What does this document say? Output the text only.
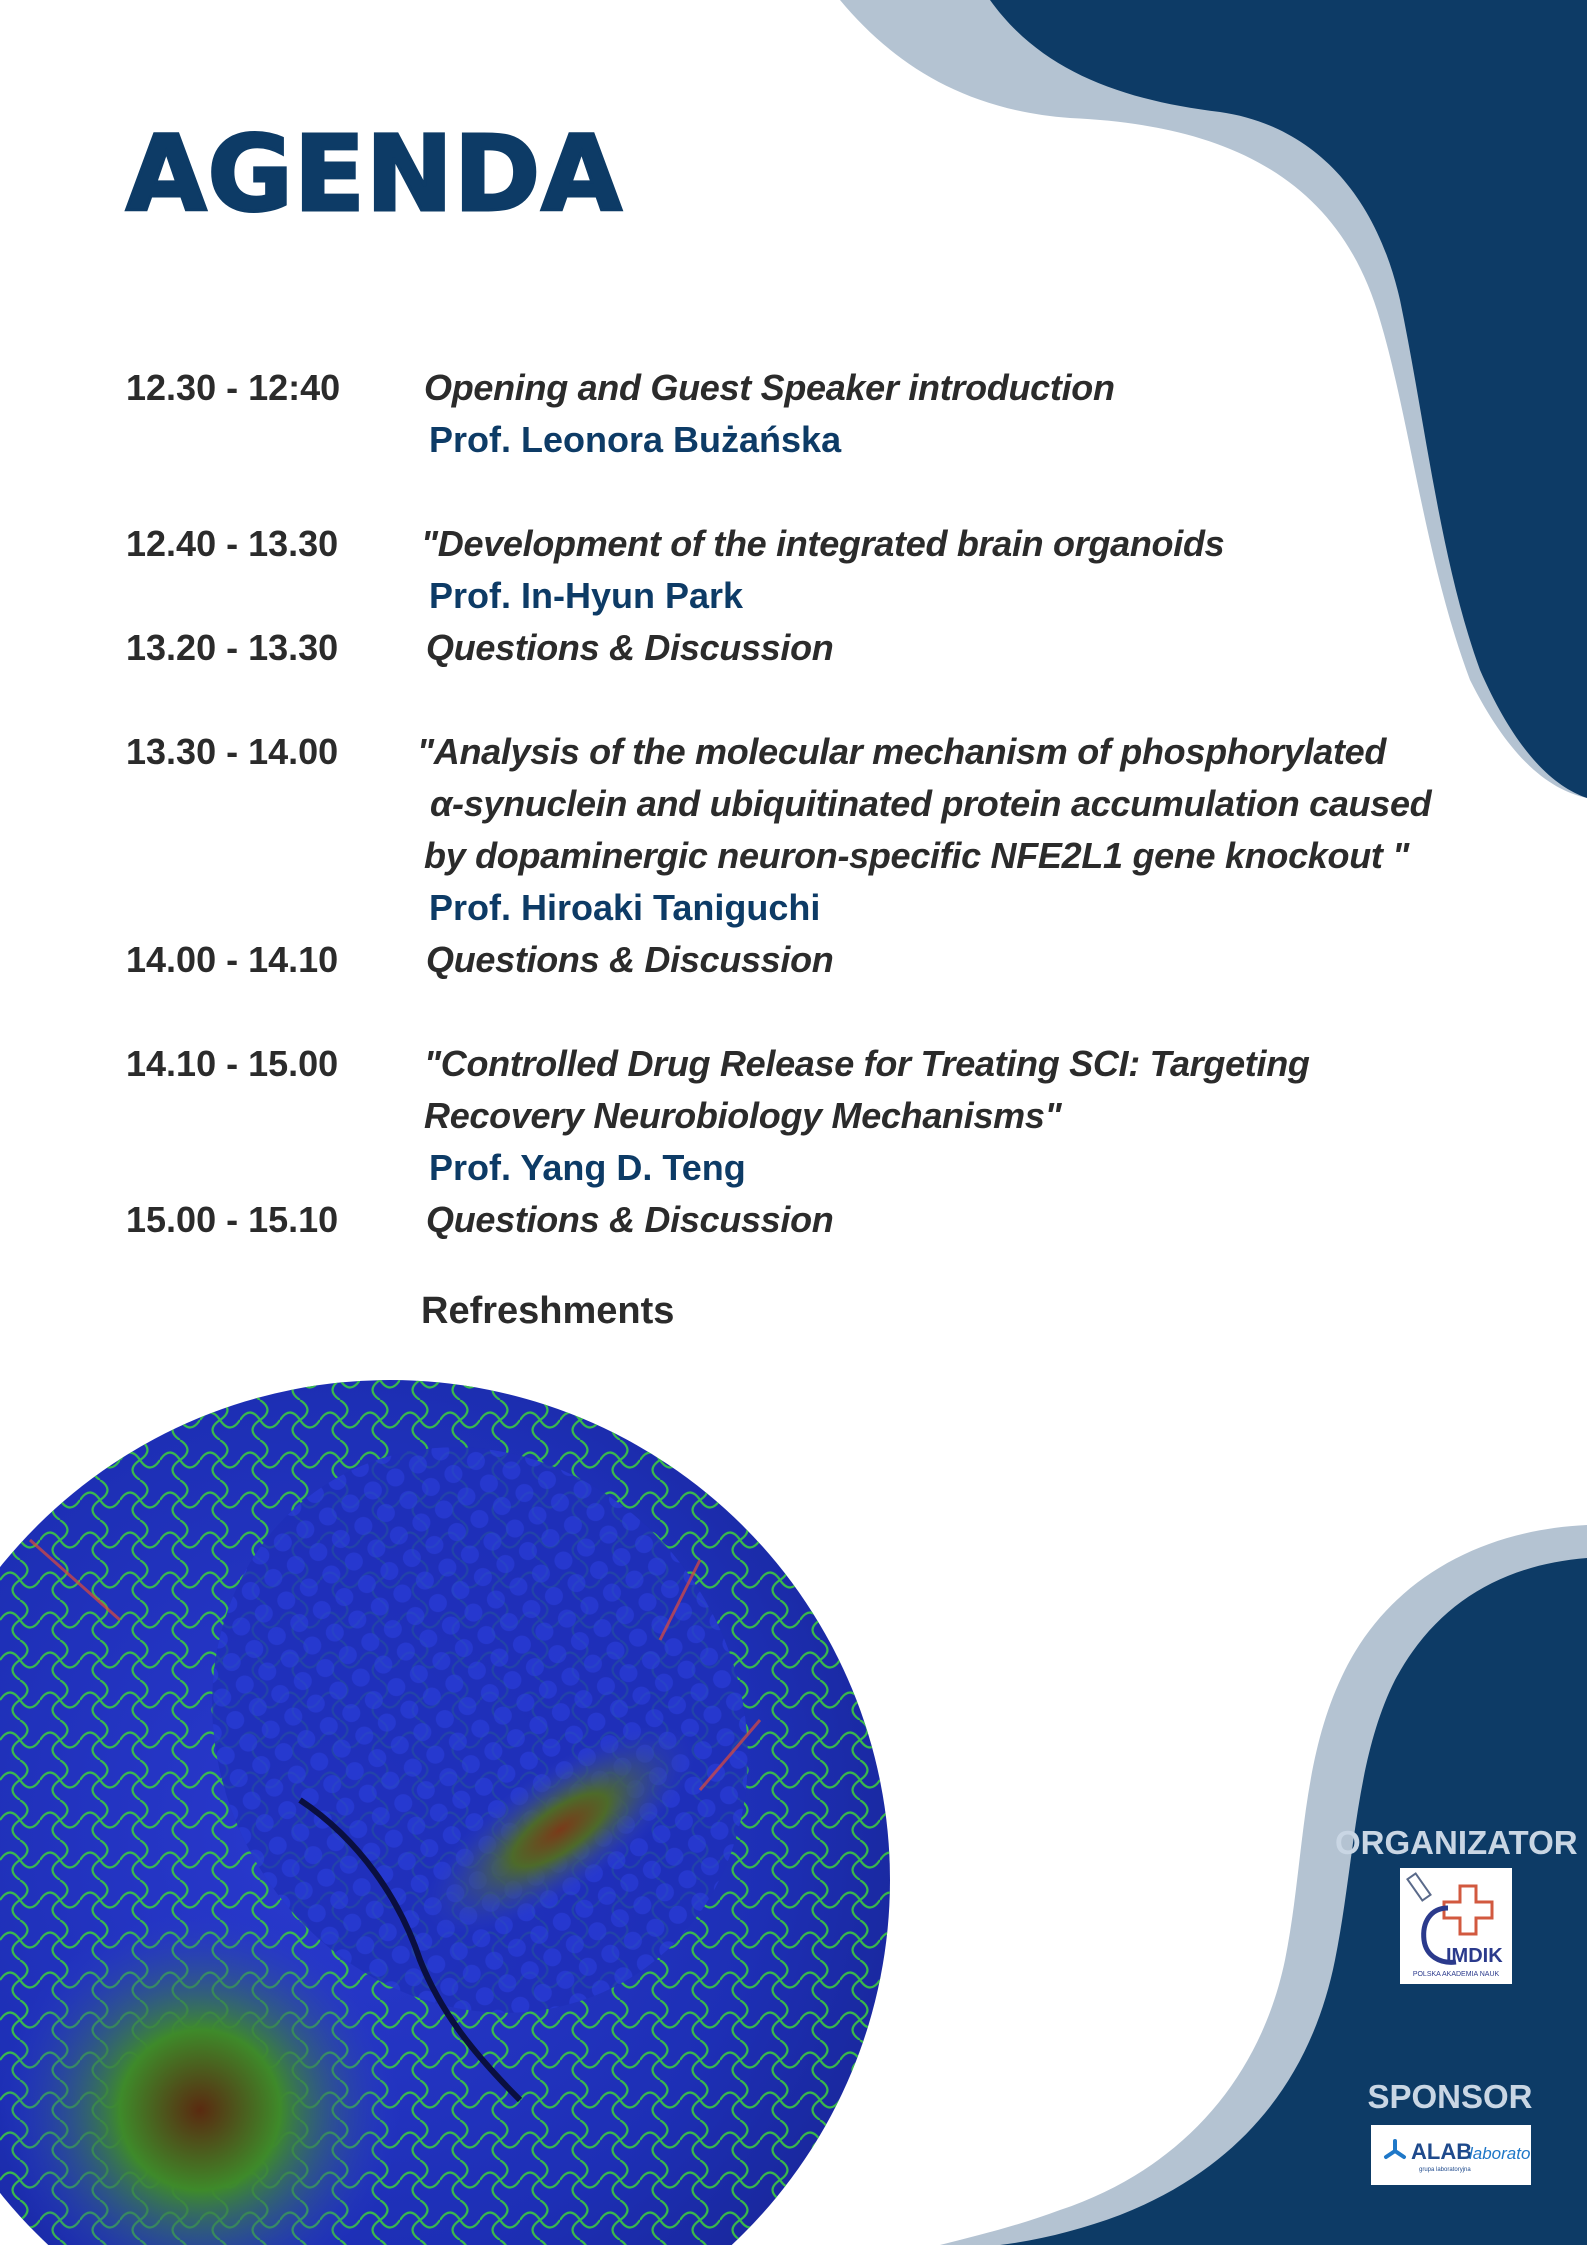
AGENDA

12.30 - 12:40 Opening and Guest Speaker introduction

Prof. Leonora Bużańska

12.40 - 13.30 "Development of the integrated brain organoids

Prof. In-Hyun Park

13.20 - 13.30 Questions & Discussion

13.30 - 14.00 "Analysis of the molecular mechanism of phosphorylated

α-synuclein and ubiquitinated protein accumulation caused

by dopaminergic neuron-specific NFE2L1 gene knockout "

Prof. Hiroaki Taniguchi

14.00 - 14.10 Questions & Discussion

14.10 - 15.00 "Controlled Drug Release for Treating SCI: Targeting

Recovery Neurobiology Mechanisms"

Prof. Yang D. Teng

15.00 - 15.10 Questions & Discussion

Refreshments

ORGANIZATOR

IMDIK
POLSKA AKADEMIA NAUK

SPONSOR

ALAB
laborato
grupa laboratoryjna
